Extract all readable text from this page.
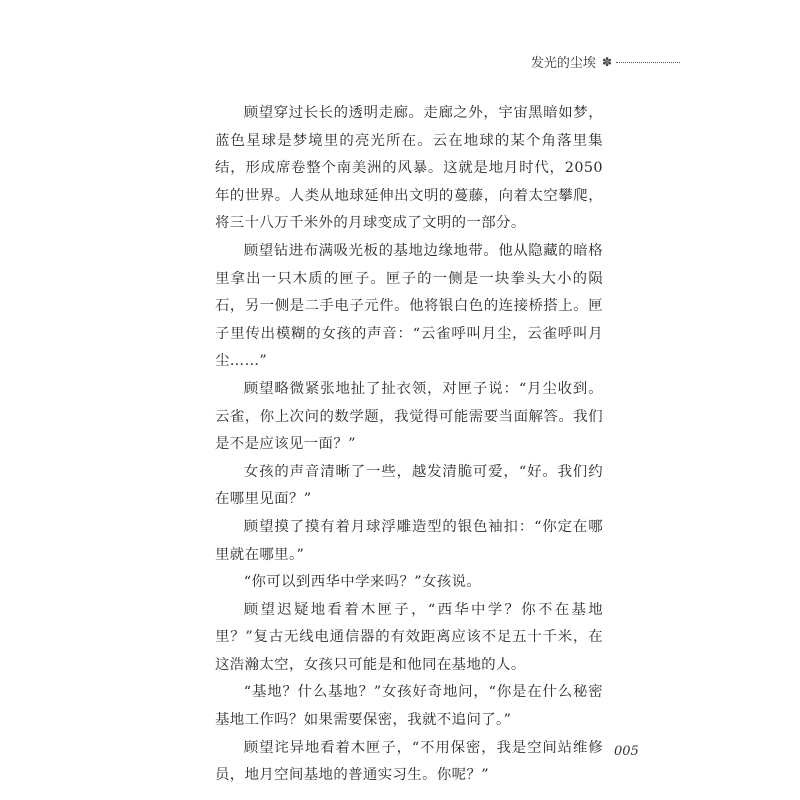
发光的尘埃 ✽

顾望穿过长长的透明走廊。走廊之外，宇宙黑暗如梦，蓝色星球是梦境里的亮光所在。云在地球的某个角落里集结，形成席卷整个南美洲的风暴。这就是地月时代，2050年的世界。人类从地球延伸出文明的蔓藤，向着太空攀爬，将三十八万千米外的月球变成了文明的一部分。

顾望钻进布满吸光板的基地边缘地带。他从隐藏的暗格里拿出一只木质的匣子。匣子的一侧是一块拳头大小的陨石，另一侧是二手电子元件。他将银白色的连接桥搭上。匣子里传出模糊的女孩的声音：“云雀呼叫月尘，云雀呼叫月尘……”

顾望略微紧张地扯了扯衣领，对匣子说：“月尘收到。云雀，你上次问的数学题，我觉得可能需要当面解答。我们是不是应该见一面？”

女孩的声音清晰了一些，越发清脆可爱，“好。我们约在哪里见面？”

顾望摸了摸有着月球浮雕造型的银色袖扣：“你定在哪里就在哪里。”

“你可以到西华中学来吗？”女孩说。

顾望迟疑地看着木匣子，“西华中学？你不在基地里？”复古无线电通信器的有效距离应该不足五十千米，在这浩瀚太空，女孩只可能是和他同在基地的人。

“基地？什么基地？”女孩好奇地问，“你是在什么秘密基地工作吗？如果需要保密，我就不追问了。”

顾望诧异地看着木匣子，“不用保密，我是空间站维修员，地月空间基地的普通实习生。你呢？”

005
